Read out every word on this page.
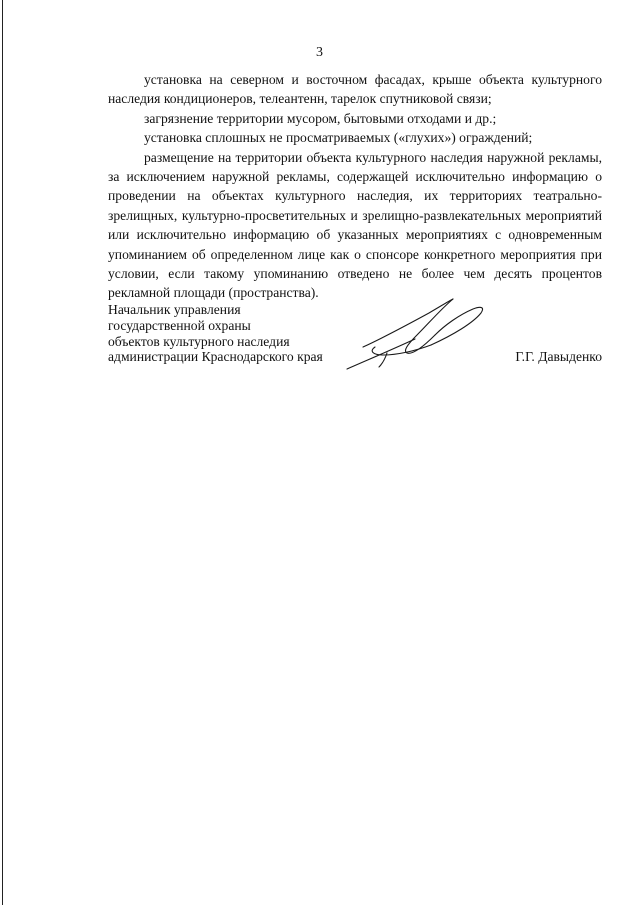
3

установка на северном и восточном фасадах, крыше объекта культурного наследия кондиционеров, телеантенн, тарелок спутниковой связи;

загрязнение территории мусором, бытовыми отходами и др.;

установка сплошных не просматриваемых («глухих») ограждений;

размещение на территории объекта культурного наследия наружной рекламы, за исключением наружной рекламы, содержащей исключительно информацию о проведении на объектах культурного наследия, их территориях театрально-зрелищных, культурно-просветительных и зрелищно-развлекательных мероприятий или исключительно информацию об указанных мероприятиях с одновременным упоминанием об определенном лице как о спонсоре конкретного мероприятия при условии, если такому упоминанию отведено не более чем десять процентов рекламной площади (пространства).

Начальник управления
государственной охраны
объектов культурного наследия
администрации Краснодарского края	Г.Г. Давыденко
